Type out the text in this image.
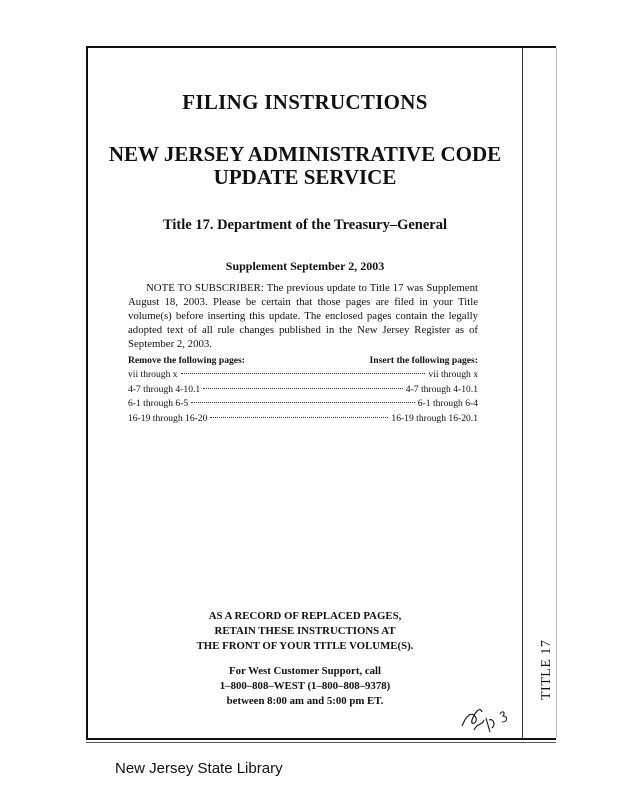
FILING INSTRUCTIONS
NEW JERSEY ADMINISTRATIVE CODE
UPDATE SERVICE
Title 17. Department of the Treasury–General
Supplement September 2, 2003
NOTE TO SUBSCRIBER: The previous update to Title 17 was Supplement August 18, 2003. Please be certain that those pages are filed in your Title volume(s) before inserting this update. The enclosed pages contain the legally adopted text of all rule changes published in the New Jersey Register as of September 2, 2003.
Remove the following pages:	Insert the following pages:
vii through x	vii through x
4-7 through 4-10.1	4-7 through 4-10.1
6-1 through 6-5	6-1 through 6-4
16-19 through 16-20	16-19 through 16-20.1
AS A RECORD OF REPLACED PAGES,
RETAIN THESE INSTRUCTIONS AT
THE FRONT OF YOUR TITLE VOLUME(S).
For West Customer Support, call
1–800–808–WEST (1–800–808–9378)
between 8:00 am and 5:00 pm ET.
TITLE 17
New Jersey State Library
